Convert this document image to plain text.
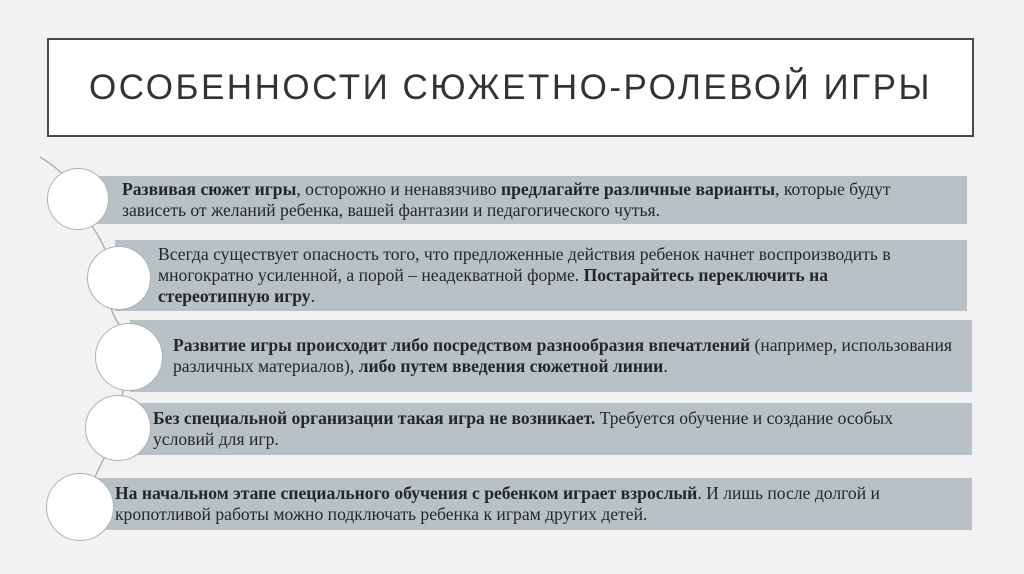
ОСОБЕННОСТИ СЮЖЕТНО-РОЛЕВОЙ ИГРЫ
Развивая сюжет игры, осторожно и ненавязчиво предлагайте различные варианты, которые будут зависеть от желаний ребенка, вашей фантазии и педагогического чутья.
Всегда существует опасность того, что предложенные действия ребенок начнет воспроизводить в многократно усиленной, а порой – неадекватной форме. Постарайтесь переключить на стереотипную игру.
Развитие игры происходит либо посредством разнообразия впечатлений (например, использования различных материалов), либо путем введения сюжетной линии.
Без специальной организации такая игра не возникает. Требуется обучение и создание особых условий для игр.
На начальном этапе специального обучения с ребенком играет взрослый. И лишь после долгой и кропотливой работы можно подключать ребенка к играм других детей.
